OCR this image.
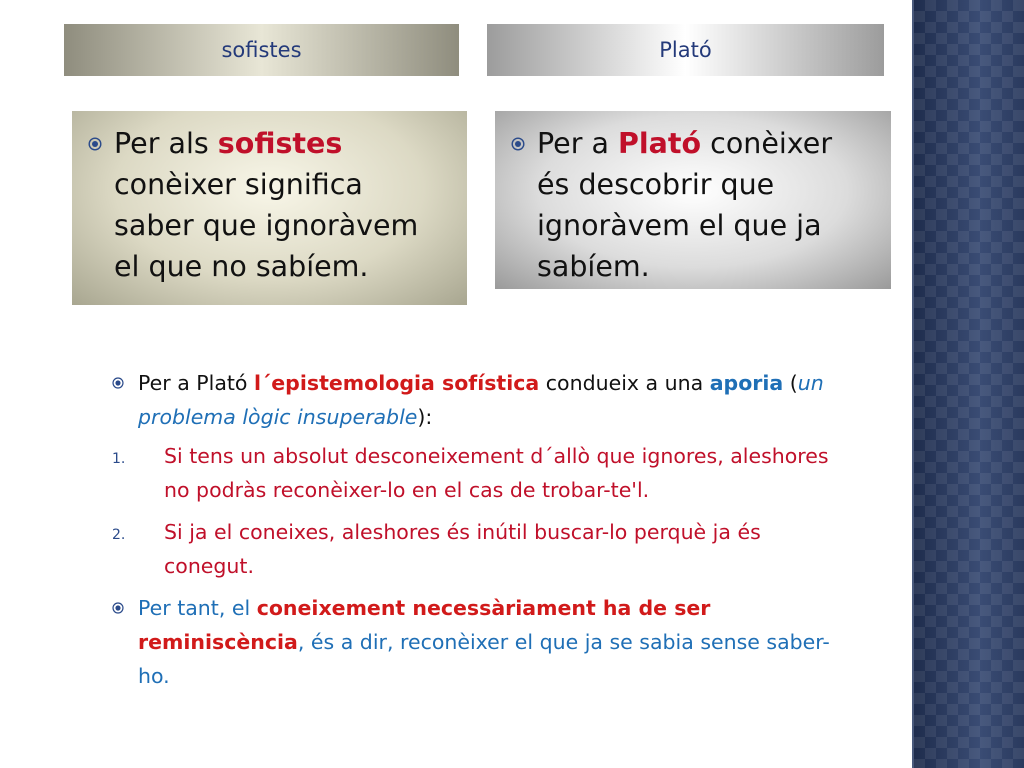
sofistes	Plató
Per als sofistes conèixer significa saber que ignoràvem el que no sabíem.
Per a Plató conèixer és descobrir que ignoràvem el que ja sabíem.
Per a Plató l´epistemologia sofística condueix a una aporia (un problema lògic insuperable):
1.	Si tens un absolut desconeixement d´allò que ignores, aleshores no podràs reconèixer-lo en el cas de trobar-te'l.
2.	Si ja el coneixes, aleshores és inútil buscar-lo perquè ja és conegut.
Per tant, el coneixement necessàriament ha de ser reminiscència, és a dir, reconèixer el que ja se sabia sense saber-ho.
